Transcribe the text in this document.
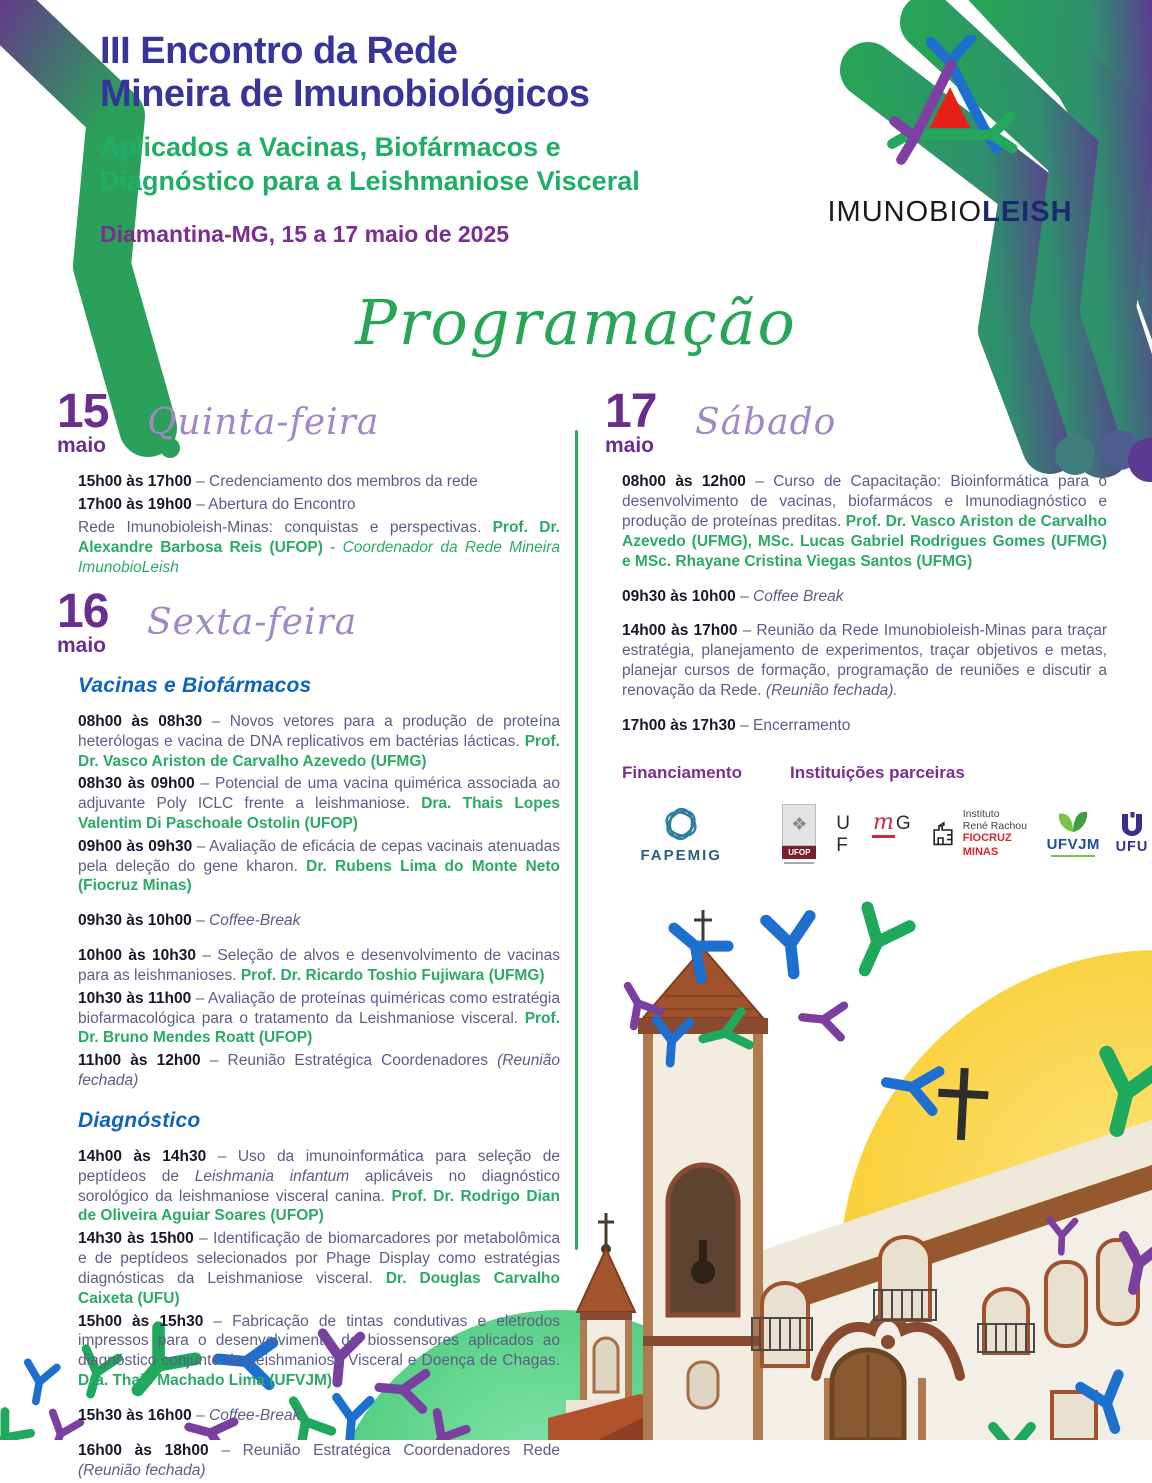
III Encontro da Rede
Mineira de Imunobiológicos
Aplicados a Vacinas, Biofármacos e
Diagnóstico para a Leishmaniose Visceral
Diamantina-MG, 15 a 17 maio de 2025
IMUNOBIOLEISH
Programação
15
maio
Quinta-feira

15h00 às 17h00 – Credenciamento dos membros da rede

17h00 às 19h00 – Abertura do Encontro

Rede Imunobioleish-Minas: conquistas e perspectivas. Prof. Dr. Alexandre Barbosa Reis (UFOP) - Coordenador da Rede Mineira ImunobioLeish

16
maio
Sexta-feira
Vacinas e Biofármacos

08h00 às 08h30 – Novos vetores para a produção de proteína heterólogas e vacina de DNA replicativos em bactérias lácticas. Prof. Dr. Vasco Ariston de Carvalho Azevedo (UFMG)

08h30 às 09h00 – Potencial de uma vacina quimérica associada ao adjuvante Poly ICLC frente a leishmaniose. Dra. Thais Lopes Valentim Di Paschoale Ostolin (UFOP)

09h00 às 09h30 – Avaliação de eficácia de cepas vacinais atenuadas pela deleção do gene kharon. Dr. Rubens Lima do Monte Neto (Fiocruz Minas)

09h30 às 10h00 – Coffee-Break

10h00 às 10h30 – Seleção de alvos e desenvolvimento de vacinas para as leishmanioses. Prof. Dr. Ricardo Toshio Fujiwara (UFMG)

10h30 às 11h00 – Avaliação de proteínas quiméricas como estratégia biofarmacológica para o tratamento da Leishmaniose visceral. Prof. Dr. Bruno Mendes Roatt (UFOP)

11h00 às 12h00 – Reunião Estratégica Coordenadores (Reunião fechada)

Diagnóstico

14h00 às 14h30 – Uso da imunoinformática para seleção de peptídeos de Leishmania infantum aplicáveis no diagnóstico sorológico da leishmaniose visceral canina. Prof. Dr. Rodrigo Dian de Oliveira Aguiar Soares (UFOP)

14h30 às 15h00 – Identificação de biomarcadores por metabolômica e de peptídeos selecionados por Phage Display como estratégias diagnósticas da Leishmaniose visceral. Dr. Douglas Carvalho Caixeta (UFU)

15h00 às 15h30 – Fabricação de tintas condutivas e eletrodos impressos para o desenvolvimento de biossensores aplicados ao diagnóstico conjunto da Leishmaniose Visceral e Doença de Chagas. Dra. Thais Machado Lima (UFVJM)

15h30 às 16h00 – Coffee-Break

16h00 às 18h00 – Reunião Estratégica Coordenadores Rede (Reunião fechada)

17
maio
Sábado

08h00 às 12h00 – Curso de Capacitação: Bioinformática para o desenvolvimento de vacinas, biofarmácos e Imunodiagnóstico e produção de proteínas preditas. Prof. Dr. Vasco Ariston de Carvalho Azevedo (UFMG), MSc. Lucas Gabriel Rodrigues Gomes (UFMG) e MSc. Rhayane Cristina Viegas Santos (UFMG)

09h30 às 10h00 – Coffee Break

14h00 às 17h00 – Reunião da Rede Imunobioleish-Minas para traçar estratégia, planejamento de experimentos, traçar objetivos e metas, planejar cursos de formação, programação de reuniões e discutir a renovação da Rede. (Reunião fechada).

17h00 às 17h30 – Encerramento

Financiamento	Instituições parceiras
FAPEMIG
❖
UFOP
U F
m G	Instituto
René Rachou
FIOCRUZ MINAS	UFVJM UFU
